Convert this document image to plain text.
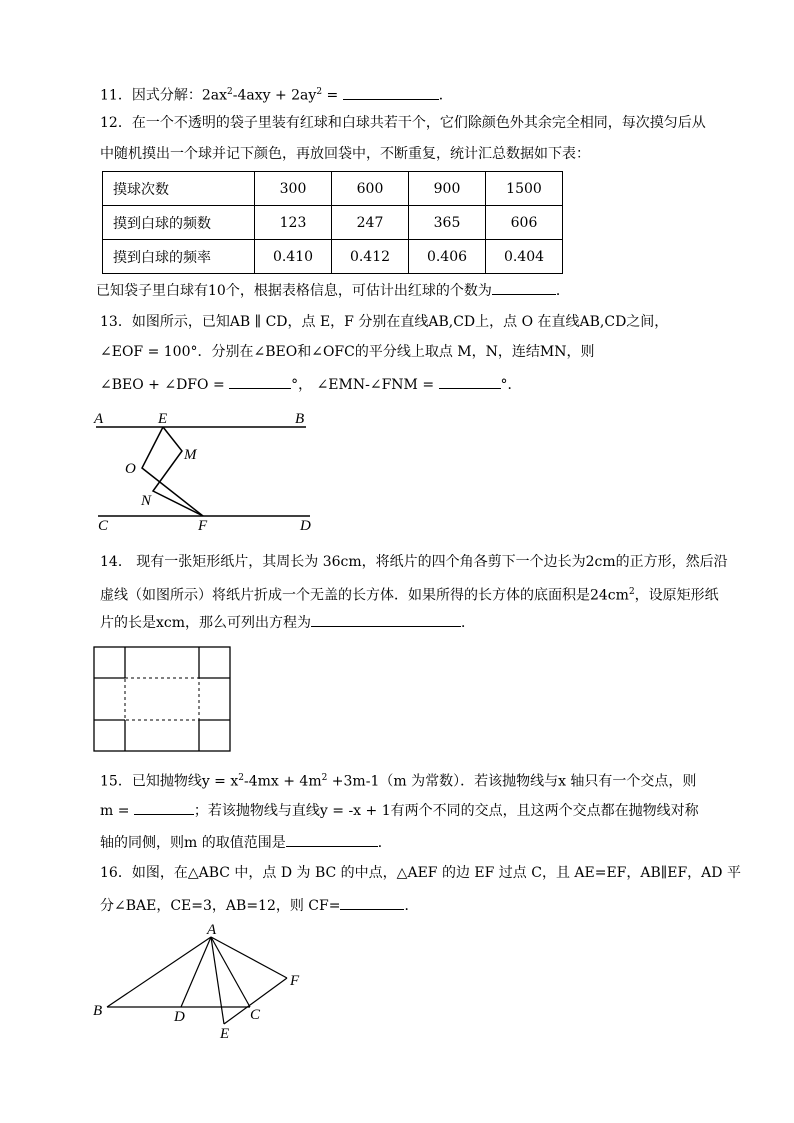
11．因式分解：$2ax^2-4axy + 2ay^2$ =	．
12．在一个不透明的袋子里装有红球和白球共若干个，它们除颜色外其余完全相同，每次摸匀后从
中随机摸出一个球并记下颜色，再放回袋中，不断重复，统计汇总数据如下表：
摸球次数	300	600	900	1500
摸到白球的频数	123	247	365	606
摸到白球的频率	0.410	0.412	0.406	0.404
已知袋子里白球有10个，根据表格信息，可估计出红球的个数为	．
13．如图所示，已知AB ∥ CD，点 E，F 分别在直线AB,CD上，点 O 在直线AB,CD之间，
∠EOF = 100°．分别在∠BEO和∠OFC的平分线上取点 M，N，连结MN，则
∠BEO + ∠DFO =	°， ∠EMN-∠FNM =	°．
A	E	B
M
O
N
C	F	D
A
B	D
E
C
F
14． 现有一张矩形纸片，其周长为 36cm，将纸片的四个角各剪下一个边长为2cm的正方形，然后沿
虚线（如图所示）将纸片折成一个无盖的长方体．如果所得的长方体的底面积是$24cm^2$，设原矩形纸
片的长是xcm，那么可列出方程为	．
15．已知抛物线$y = x^2-4mx + 4m^2 +3m-1(m$ 为常数）．若该抛物线与x 轴只有一个交点，则
m =	；若该抛物线与直线y = -x + 1有两个不同的交点，且这两个交点都在抛物线对称
轴的同侧，则m 的取值范围是	．
16．如图，在△ABC 中，点 D 为 BC 的中点，△AEF 的边 EF 过点 C，且 AE=EF，AB∥EF，AD 平
分∠BAE，CE=3，AB=12，则 CF=	．
